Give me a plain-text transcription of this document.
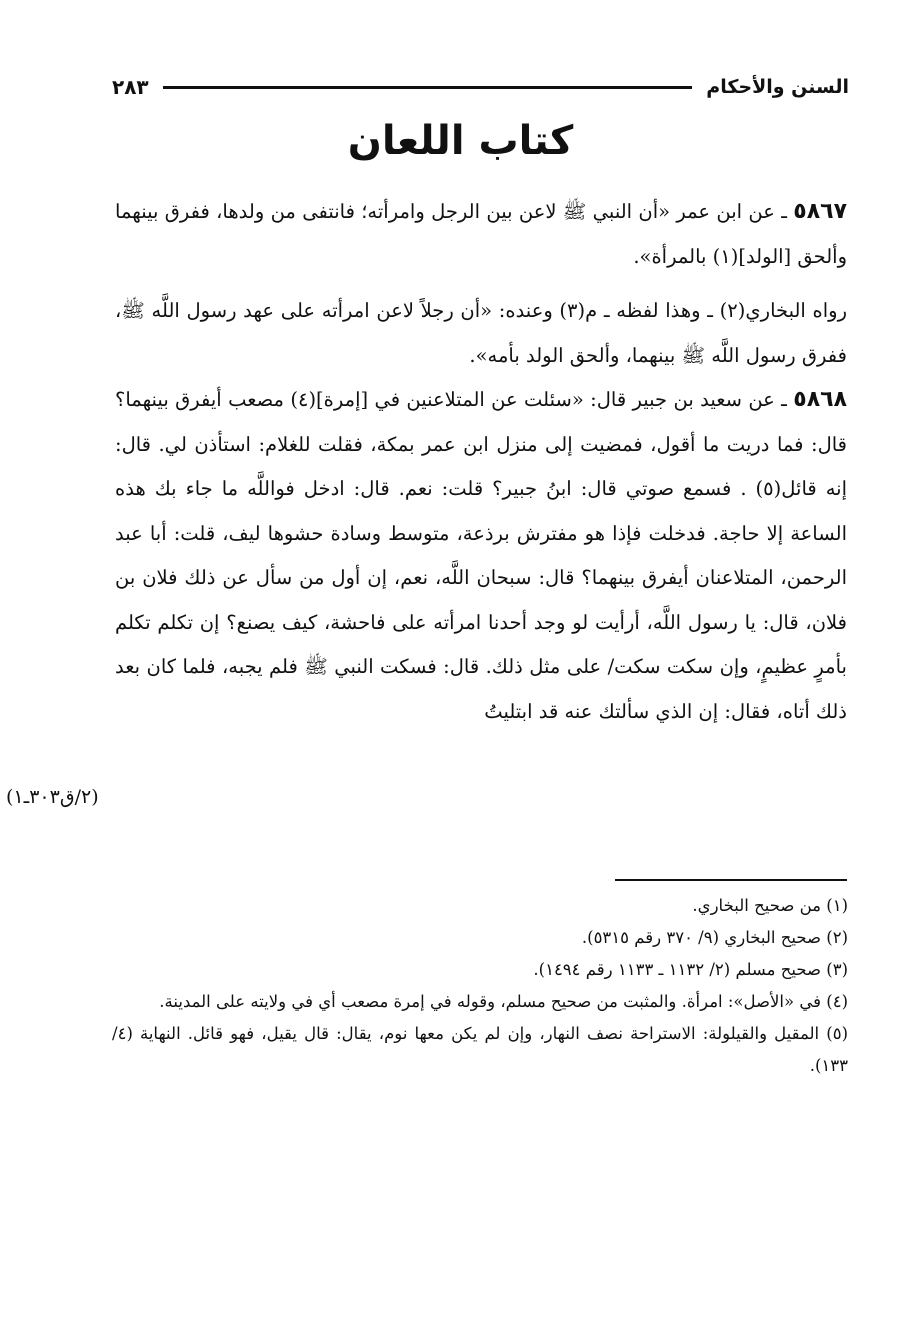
السنن والأحكام
٢٨٣
كتاب اللعان

٥٨٦٧ ـ عن ابن عمر «أن النبي ﷺ لاعن بين الرجل وامرأته؛ فانتفى من ولدها، ففرق بينهما وألحق [الولد](١) بالمرأة».

رواه البخاري(٢) ـ وهذا لفظه ـ م(٣) وعنده: «أن رجلاً لاعن امرأته على عهد رسول اللَّه ﷺ، ففرق رسول اللَّه ﷺ بينهما، وألحق الولد بأمه».

٥٨٦٨ ـ عن سعيد بن جبير قال: «سئلت عن المتلاعنين في [إمرة](٤) مصعب أيفرق بينهما؟ قال: فما دريت ما أقول، فمضيت إلى منزل ابن عمر بمكة، فقلت للغلام: استأذن لي. قال: إنه قائل(٥) . فسمع صوتي قال: ابنُ جبير؟ قلت: نعم. قال: ادخل فواللَّه ما جاء بك هذه الساعة إلا حاجة. فدخلت فإذا هو مفترش برذعة، متوسط وسادة حشوها ليف، قلت: أبا عبد الرحمن، المتلاعنان أيفرق بينهما؟ قال: سبحان اللَّه، نعم، إن أول من سأل عن ذلك فلان بن فلان، قال: يا رسول اللَّه، أرأيت لو وجد أحدنا امرأته على فاحشة، كيف يصنع؟ إن تكلم تكلم بأمرٍ عظيمٍ، وإن سكت سكت/ على مثل ذلك. قال: فسكت النبي ﷺ فلم يجبه، فلما كان بعد ذلك أتاه، فقال: إن الذي سألتك عنه قد ابتليتُ

(٢/ق٣٠٣ـ١)

(١) من صحيح البخاري.

(٢) صحيح البخاري (٩/ ٣٧٠ رقم ٥٣١٥).

(٣) صحيح مسلم (٢/ ١١٣٢ ـ ١١٣٣ رقم ١٤٩٤).

(٤) في «الأصل»: امرأة. والمثبت من صحيح مسلم، وقوله في إمرة مصعب أي في ولايته على المدينة.

(٥) المقيل والقيلولة: الاستراحة نصف النهار، وإن لم يكن معها نوم، يقال: قال يقيل، فهو قائل. النهاية (٤/ ١٣٣).
